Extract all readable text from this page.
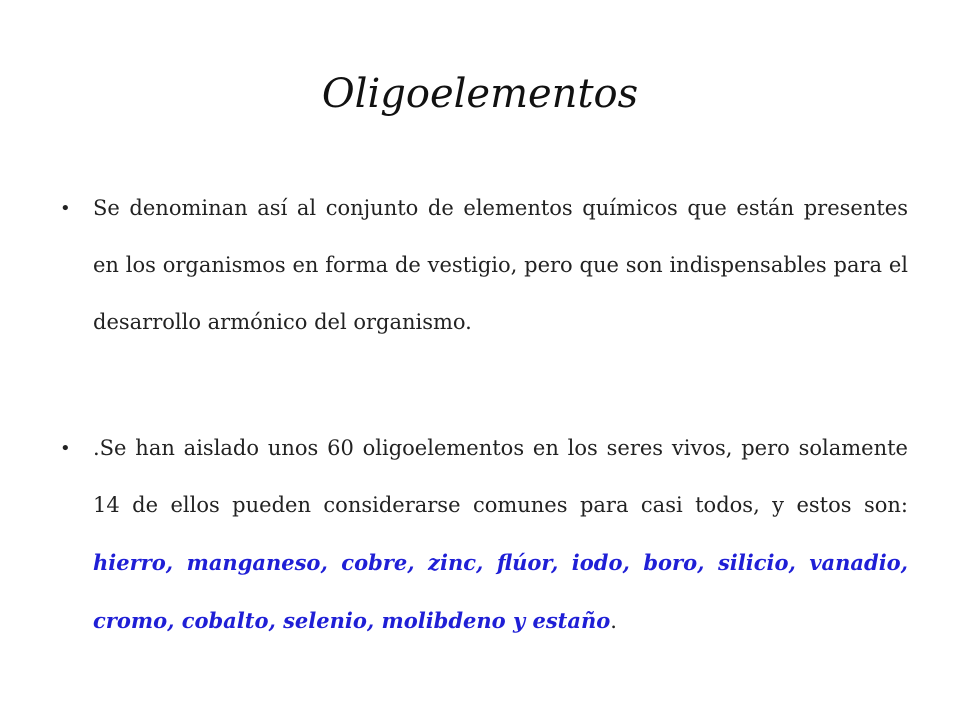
Oligoelementos
• Se denominan así al conjunto de elementos químicos que están presentes en los organismos en forma de vestigio, pero que son indispensables para el desarrollo armónico del organismo.
• .Se han aislado unos 60 oligoelementos en los seres vivos, pero solamente 14 de ellos pueden considerarse comunes para casi todos, y estos son: hierro, manganeso, cobre, zinc, flúor, iodo, boro, silicio, vanadio, cromo, cobalto, selenio, molibdeno y estaño.
